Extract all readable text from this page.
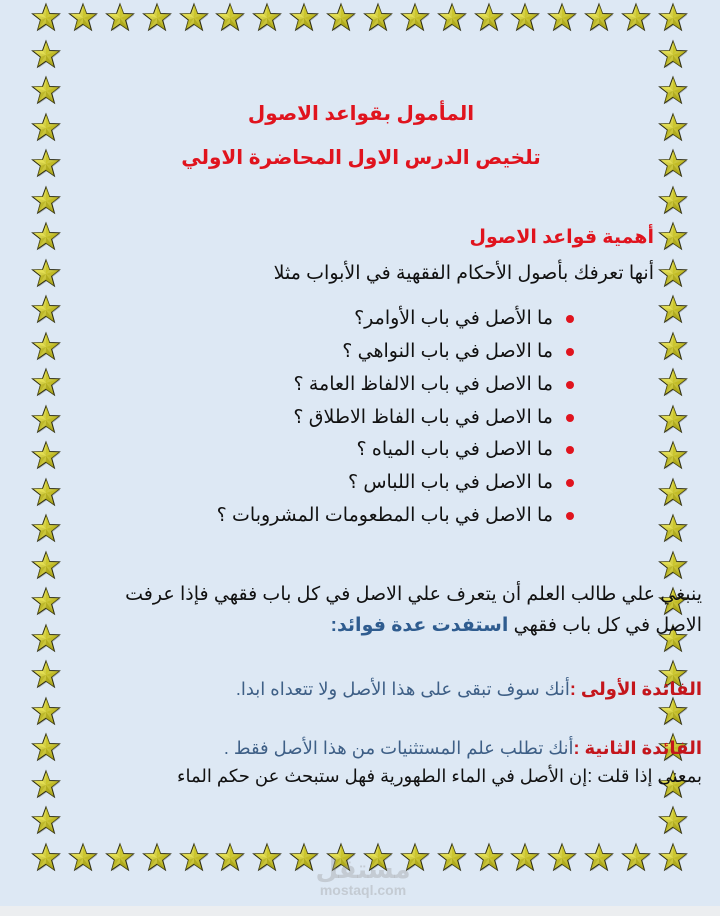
المأمول بقواعد الاصول
تلخيص الدرس الاول المحاضرة الاولي
أهمية قواعد الاصول
أنها تعرفك بأصول الأحكام الفقهية في الأبواب مثلا
ما الأصل في باب الأوامر؟
ما الاصل في باب النواهي ؟
ما الاصل في باب الالفاظ العامة ؟
ما الاصل في باب الفاظ الاطلاق ؟
ما الاصل في باب المياه ؟
ما الاصل في باب اللباس ؟
ما الاصل في باب المطعومات المشروبات ؟
ينبغي علي طالب العلم أن يتعرف علي الاصل في كل باب فقهي فإذا عرفت
الاصل في كل باب فقهي استفدت عدة فوائد:
الفائدة الأولى :أنك سوف تبقى على هذا الأصل ولا تتعداه ابدا.
الفائدة الثانية :أنك تطلب علم المستثنيات من هذا الأصل فقط .
بمعنى إذا قلت :إن الأصل في الماء الطهورية فهل ستبحث عن حكم الماء
مستقل
mostaql.com
